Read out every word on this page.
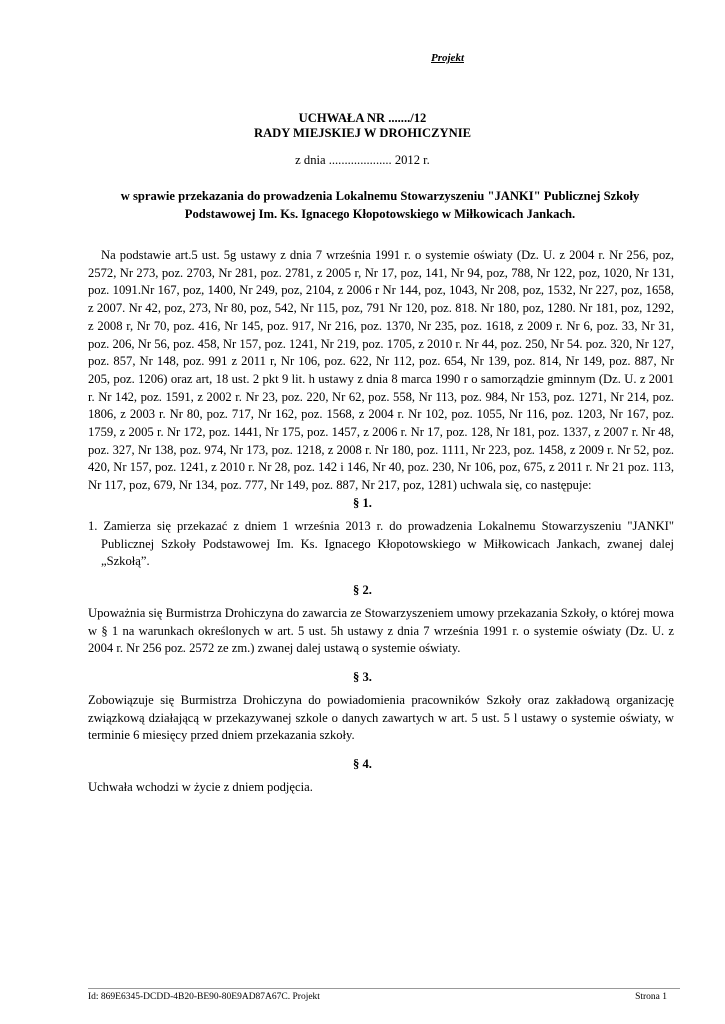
Projekt
UCHWAŁA NR ......./12
RADY MIEJSKIEJ W DROHICZYNIE
z dnia .................... 2012 r.
w sprawie przekazania do prowadzenia Lokalnemu Stowarzyszeniu "JANKI" Publicznej Szkoły Podstawowej Im. Ks. Ignacego Kłopotowskiego w Miłkowicach Jankach.
Na podstawie art.5 ust. 5g ustawy z dnia 7 września 1991 r. o systemie oświaty (Dz. U. z 2004 r. Nr 256, poz, 2572, Nr 273, poz. 2703, Nr 281, poz. 2781, z 2005 r, Nr 17, poz, 141, Nr 94, poz, 788, Nr 122, poz, 1020, Nr 131, poz. 1091.Nr 167, poz, 1400, Nr 249, poz, 2104, z 2006 r Nr 144, poz, 1043, Nr 208, poz, 1532, Nr 227, poz, 1658, z 2007. Nr 42, poz, 273, Nr 80, poz, 542, Nr 115, poz, 791 Nr 120, poz. 818. Nr 180, poz, 1280. Nr 181, poz, 1292, z 2008 r, Nr 70, poz. 416, Nr 145, poz. 917, Nr 216, poz. 1370, Nr 235, poz. 1618, z 2009 r. Nr 6, poz. 33, Nr 31, poz. 206, Nr 56, poz. 458, Nr 157, poz. 1241, Nr 219, poz. 1705, z 2010 r. Nr 44, poz. 250, Nr 54. poz. 320, Nr 127, poz. 857, Nr 148, poz. 991 z 2011 r, Nr 106, poz. 622, Nr 112, poz. 654, Nr 139, poz. 814, Nr 149, poz. 887, Nr 205, poz. 1206) oraz art, 18 ust. 2 pkt 9 lit. h ustawy z dnia 8 marca 1990 r o samorządzie gminnym (Dz. U. z 2001 r. Nr 142, poz. 1591, z 2002 r. Nr 23, poz. 220, Nr 62, poz. 558, Nr 113, poz. 984, Nr 153, poz. 1271, Nr 214, poz. 1806, z 2003 r. Nr 80, poz. 717, Nr 162, poz. 1568, z 2004 r. Nr 102, poz. 1055, Nr 116, poz. 1203, Nr 167, poz. 1759, z 2005 r. Nr 172, poz. 1441, Nr 175, poz. 1457, z 2006 r. Nr 17, poz. 128, Nr 181, poz. 1337, z 2007 r. Nr 48, poz. 327, Nr 138, poz. 974, Nr 173, poz. 1218, z 2008 r. Nr 180, poz. 1111, Nr 223, poz. 1458, z 2009 r. Nr 52, poz. 420, Nr 157, poz. 1241, z 2010 r. Nr 28, poz. 142 i 146, Nr 40, poz. 230, Nr 106, poz, 675, z 2011 r. Nr 21 poz. 113, Nr 117, poz, 679, Nr 134, poz. 777, Nr 149, poz. 887, Nr 217, poz, 1281) uchwala się, co następuje:
§ 1.
1. Zamierza się przekazać z dniem 1 września 2013 r. do prowadzenia Lokalnemu Stowarzyszeniu "JANKI" Publicznej Szkoły Podstawowej Im. Ks. Ignacego Kłopotowskiego w Miłkowicach Jankach, zwanej dalej „Szkołą”.
§ 2.
Upoważnia się Burmistrza Drohiczyna do zawarcia ze Stowarzyszeniem umowy przekazania Szkoły, o której mowa w § 1 na warunkach określonych w art. 5 ust. 5h ustawy z dnia 7 września 1991 r. o systemie oświaty (Dz. U. z 2004 r. Nr 256 poz. 2572 ze zm.) zwanej dalej ustawą o systemie oświaty.
§ 3.
Zobowiązuje się Burmistrza Drohiczyna do powiadomienia pracowników Szkoły oraz zakładową organizację związkową działającą w przekazywanej szkole o danych zawartych w art. 5 ust. 5 l ustawy o systemie oświaty, w terminie 6 miesięcy przed dniem przekazania szkoły.
§ 4.
Uchwała wchodzi w życie z dniem podjęcia.
Id: 869E6345-DCDD-4B20-BE90-80E9AD87A67C. Projekt	Strona 1
